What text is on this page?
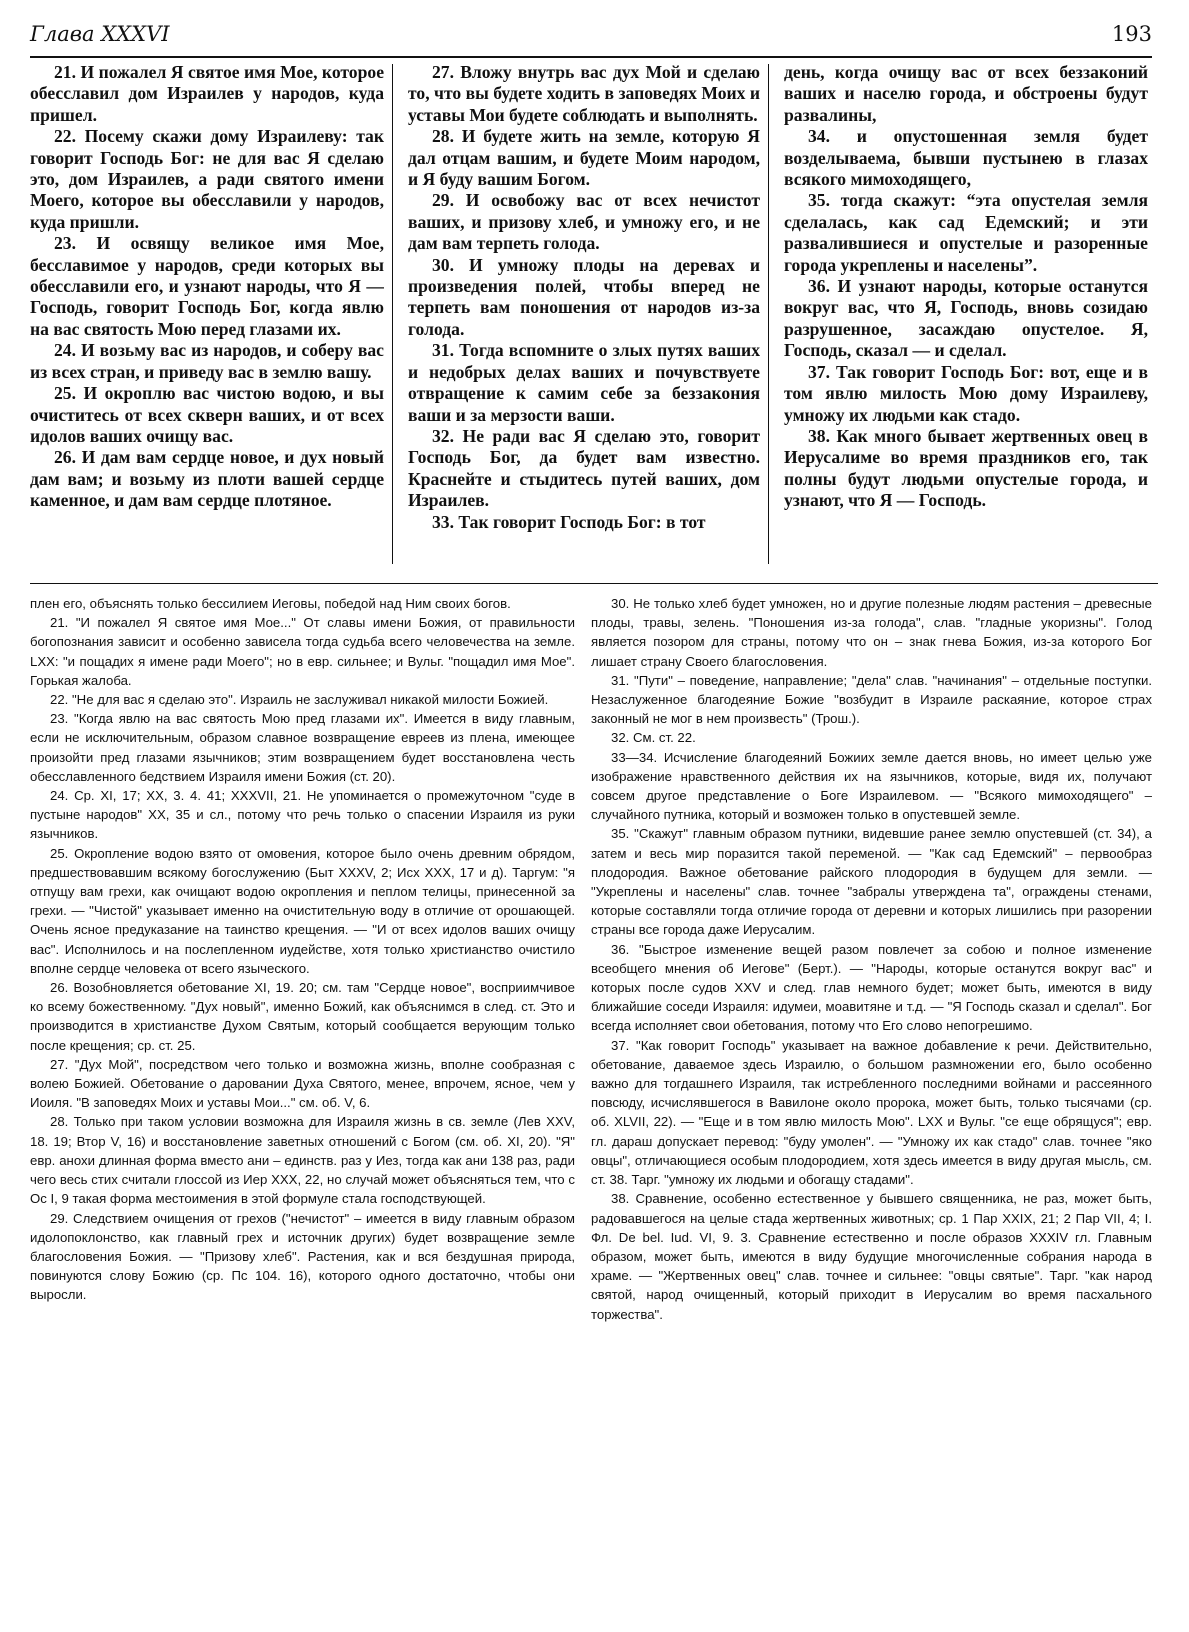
Глава XXXVI	193

21. И пожалел Я святое имя Мое, которое обесславил дом Израилев у народов, куда пришел.

22. Посему скажи дому Израилеву: так говорит Господь Бог: не для вас Я сделаю это, дом Израилев, а ради святого имени Моего, которое вы обесславили у народов, куда пришли.

23. И освящу великое имя Мое, бесславимое у народов, среди которых вы обесславили его, и узнают народы, что Я — Господь, говорит Господь Бог, когда явлю на вас святость Мою перед глазами их.

24. И возьму вас из народов, и соберу вас из всех стран, и приведу вас в землю вашу.

25. И окроплю вас чистою водою, и вы очиститесь от всех скверн ваших, и от всех идолов ваших очищу вас.

26. И дам вам сердце новое, и дух новый дам вам; и возьму из плоти вашей сердце каменное, и дам вам сердце плотяное.

27. Вложу внутрь вас дух Мой и сделаю то, что вы будете ходить в заповедях Моих и уставы Мои будете соблюдать и выполнять.

28. И будете жить на земле, которую Я дал отцам вашим, и будете Моим народом, и Я буду вашим Богом.

29. И освобожу вас от всех нечистот ваших, и призову хлеб, и умножу его, и не дам вам терпеть голода.

30. И умножу плоды на деревах и произведения полей, чтобы вперед не терпеть вам поношения от народов из-за голода.

31. Тогда вспомните о злых путях ваших и недобрых делах ваших и почувствуете отвращение к самим себе за беззакония ваши и за мерзости ваши.

32. Не ради вас Я сделаю это, говорит Господь Бог, да будет вам известно. Краснейте и стыдитесь путей ваших, дом Израилев.

33. Так говорит Господь Бог: в тот

день, когда очищу вас от всех беззаконий ваших и населю города, и обстроены будут развалины,

34. и опустошенная земля будет возделываема, бывши пустынею в глазах всякого мимоходящего,

35. тогда скажут: “эта опустелая земля сделалась, как сад Едемский; и эти развалившиеся и опустелые и разоренные города укреплены и населены”.

36. И узнают народы, которые останутся вокруг вас, что Я, Господь, вновь созидаю разрушенное, засаждаю опустелое. Я, Господь, сказал — и сделал.

37. Так говорит Господь Бог: вот, еще и в том явлю милость Мою дому Израилеву, умножу их людьми как стадо.

38. Как много бывает жертвенных овец в Иерусалиме во время праздников его, так полны будут людьми опустелые города, и узнают, что Я — Господь.

плен его, объяснять только бессилием Иеговы, победой над Ним своих богов.

21. "И пожалел Я святое имя Мое..." От славы имени Божия, от правильности богопознания зависит и особенно зависела тогда судьба всего человечества на земле. LXX: "и пощадих я имене ради Моего"; но в евр. сильнее; и Вульг. "пощадил имя Мое". Горькая жалоба.

22. "Не для вас я сделаю это". Израиль не заслуживал никакой милости Божией.

23. "Когда явлю на вас святость Мою пред глазами их". Имеется в виду главным, если не исключительным, образом славное возвращение евреев из плена, имеющее произойти пред глазами язычников; этим возвращением будет восстановлена честь обесславленного бедствием Израиля имени Божия (ст. 20).

24. Ср. XI, 17; XX, 3. 4. 41; XXXVII, 21. Не упоминается о промежуточном "суде в пустыне народов" XX, 35 и сл., потому что речь только о спасении Израиля из руки язычников.

25. Окропление водою взято от омовения, которое было очень древним обрядом, предшествовавшим всякому богослужению (Быт XXXV, 2; Исх XXX, 17 и д). Таргум: "я отпущу вам грехи, как очищают водою окропления и пеплом телицы, принесенной за грехи. — "Чистой" указывает именно на очистительную воду в отличие от орошающей. Очень ясное предуказание на таинство крещения. — "И от всех идолов ваших очищу вас". Исполнилось и на послепленном иудействе, хотя только христианство очистило вполне сердце человека от всего языческого.

26. Возобновляется обетование XI, 19. 20; см. там "Сердце новое", восприимчивое ко всему божественному. "Дух новый", именно Божий, как объяснимся в след. ст. Это и производится в христианстве Духом Святым, который сообщается верующим только после крещения; ср. ст. 25.

27. "Дух Мой", посредством чего только и возможна жизнь, вполне сообразная с волею Божией. Обетование о даровании Духа Святого, менее, впрочем, ясное, чем у Иоиля. "В заповедях Моих и уставы Мои..." см. об. V, 6.

28. Только при таком условии возможна для Израиля жизнь в св. земле (Лев XXV, 18. 19; Втор V, 16) и восстановление заветных отношений с Богом (см. об. XI, 20). "Я" евр. анохи длинная форма вместо ани – единств. раз у Иез, тогда как ани 138 раз, ради чего весь стих считали глоссой из Иер XXX, 22, но случай может объясняться тем, что с Ос I, 9 такая форма местоимения в этой формуле стала господствующей.

29. Следствием очищения от грехов ("нечистот" – имеется в виду главным образом идолопоклонство, как главный грех и источник других) будет возвращение земле благословения Божия. — "Призову хлеб". Растения, как и вся бездушная природа, повинуются слову Божию (ср. Пс 104. 16), которого одного достаточно, чтобы они выросли.

30. Не только хлеб будет умножен, но и другие полезные людям растения – древесные плоды, травы, зелень. "Поношения из-за голода", слав. "гладные укоризны". Голод является позором для страны, потому что он – знак гнева Божия, из-за которого Бог лишает страну Своего благословения.

31. "Пути" – поведение, направление; "дела" слав. "начинания" – отдельные поступки. Незаслуженное благодеяние Божие "возбудит в Израиле раскаяние, которое страх законный не мог в нем произвесть" (Трош.).

32. См. ст. 22.

33—34. Исчисление благодеяний Божиих земле дается вновь, но имеет целью уже изображение нравственного действия их на язычников, которые, видя их, получают совсем другое представление о Боге Израилевом. — "Всякого мимоходящего" – случайного путника, который и возможен только в опустевшей земле.

35. "Скажут" главным образом путники, видевшие ранее землю опустевшей (ст. 34), а затем и весь мир поразится такой переменой. — "Как сад Едемский" – первообраз плодородия. Важное обетование райского плодородия в будущем для земли. — "Укреплены и населены" слав. точнее "забралы утверждена та", ограждены стенами, которые составляли тогда отличие города от деревни и которых лишились при разорении страны все города даже Иерусалим.

36. "Быстрое изменение вещей разом повлечет за собою и полное изменение всеобщего мнения об Иегове" (Берт.). — "Народы, которые останутся вокруг вас" и которых после судов XXV и след. глав немного будет; может быть, имеются в виду ближайшие соседи Израиля: идумеи, моавитяне и т.д. — "Я Господь сказал и сделал". Бог всегда исполняет свои обетования, потому что Его слово непогрешимо.

37. "Как говорит Господь" указывает на важное добавление к речи. Действительно, обетование, даваемое здесь Израилю, о большом размножении его, было особенно важно для тогдашнего Израиля, так истребленного последними войнами и рассеянного повсюду, исчислявшегося в Вавилоне около пророка, может быть, только тысячами (ср. об. XLVII, 22). — "Еще и в том явлю милость Мою". LXX и Вульг. "се еще обрящуся"; евр. гл. дараш допускает перевод: "буду умолен". — "Умножу их как стадо" слав. точнее "яко овцы", отличающиеся особым плодородием, хотя здесь имеется в виду другая мысль, см. ст. 38. Тарг. "умножу их людьми и обогащу стадами".

38. Сравнение, особенно естественное у бывшего священника, не раз, может быть, радовавшегося на целые стада жертвенных животных; ср. 1 Пар XXIX, 21; 2 Пар VII, 4; I. Фл. De bel. Iud. VI, 9. 3. Сравнение естественно и после образов XXXIV гл. Главным образом, может быть, имеются в виду будущие многочисленные собрания народа в храме. — "Жертвенных овец" слав. точнее и сильнее: "овцы святые". Тарг. "как народ святой, народ очищенный, который приходит в Иерусалим во время пасхального торжества".
